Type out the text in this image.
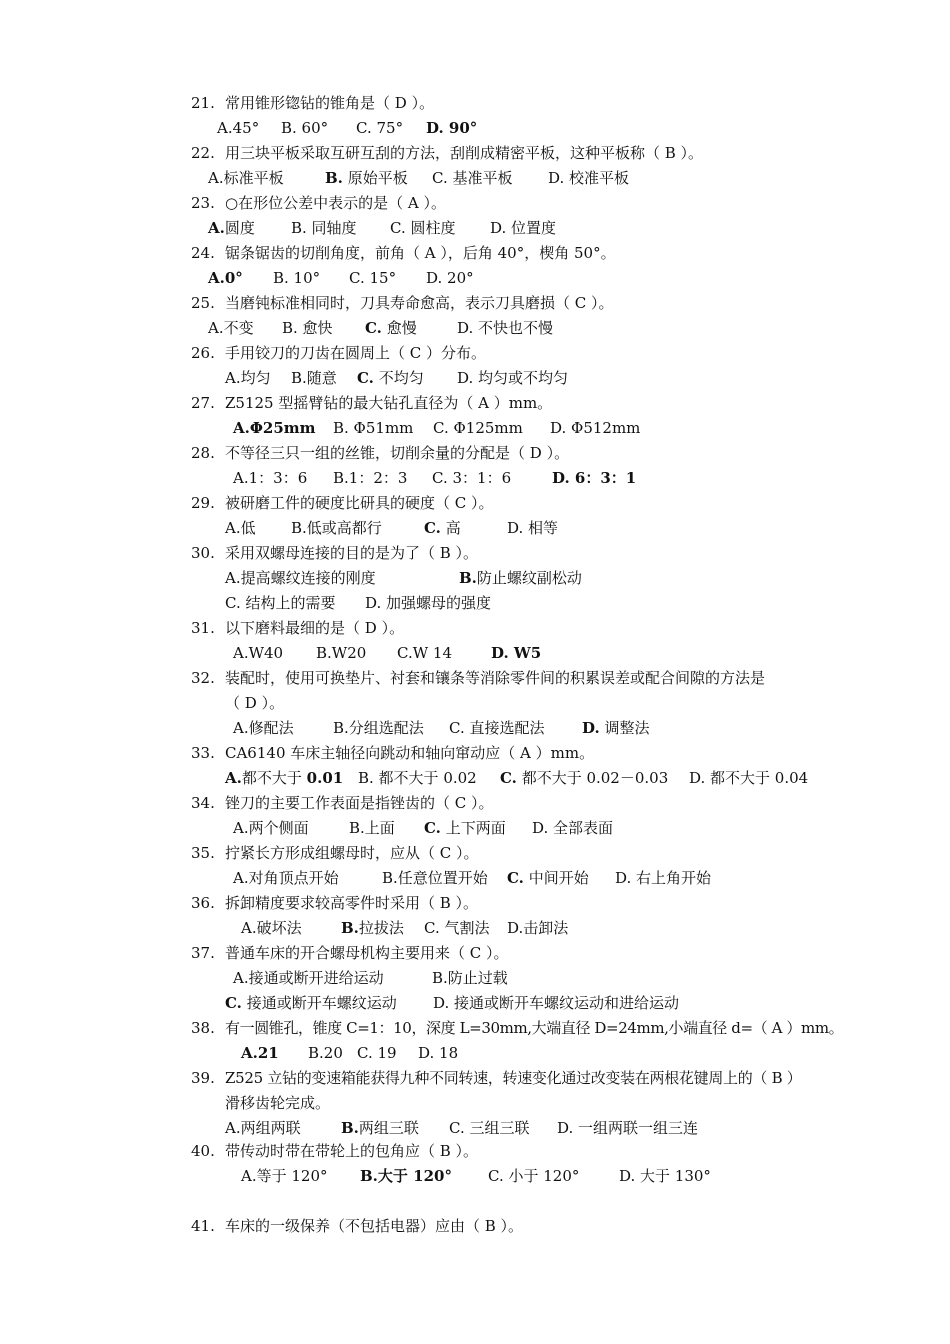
21. 常用锥形锪钻的锥角是（ D ）。
A.45° B. 60° C. 75° D. 90°
22. 用三块平板采取互研互刮的方法，刮削成精密平板，这种平板称（ B ）。
A.标准平板	B. 原始平板 C. 基准平板 D. 校准平板
23. ○在形位公差中表示的是（ A ）。
A.圆度 B. 同轴度 C. 圆柱度 D. 位置度
24. 锯条锯齿的切削角度，前角（ A ），后角 40°，楔角 50°。
A.0° B. 10° C. 15° D. 20°
25. 当磨钝标准相同时，刀具寿命愈高，表示刀具磨损（ C ）。
A.不变 B. 愈快 C. 愈慢	D. 不快也不慢
26. 手用铰刀的刀齿在圆周上（ C ）分布。
A.均匀 B.随意 C. 不均匀 D. 均匀或不均匀
27. Z5125 型摇臂钻的最大钻孔直径为（ A ）mm。
A.Φ25mm B. Φ51mm C. Φ125mm D. Φ512mm
28. 不等径三只一组的丝锥，切削余量的分配是（ D ）。
A.1：3：6 B.1：2：3 C. 3：1：6	D. 6：3：1
29. 被研磨工件的硬度比研具的硬度（ C ）。
A.低 B.低或高都行	C. 高	D. 相等
30. 采用双螺母连接的目的是为了（ B ）。
A.提高螺纹连接的刚度	B.防止螺纹副松动
C. 结构上的需要 D. 加强螺母的强度
31. 以下磨料最细的是（ D ）。
A.W40 B.W20 C.W 14	D. W5
32. 装配时，使用可换垫片、衬套和镶条等消除零件间的积累误差或配合间隙的方法是
（ D ）。
A.修配法	B.分组选配法 C. 直接选配法	D. 调整法
33. CA6140 车床主轴径向跳动和轴向窜动应（ A ）mm。
A.都不大于 0.01 B. 都不大于 0.02 C. 都不大于 0.02－0.03 D. 都不大于 0.04
34. 锉刀的主要工作表面是指锉齿的（ C ）。
A.两个侧面	B.上面 C. 上下两面 D. 全部表面
35. 拧紧长方形成组螺母时，应从（ C ）。
A.对角顶点开始	B.任意位置开始 C. 中间开始 D. 右上角开始
36. 拆卸精度要求较高零件时采用（ B ）。
A.破坏法	B.拉拔法 C. 气割法 D.击卸法
37. 普通车床的开合螺母机构主要用来（ C ）。
A.接通或断开进给运动	B.防止过载
C. 接通或断开车螺纹运动 D. 接通或断开车螺纹运动和进给运动
38. 有一圆锥孔，锥度 C=1：10，深度 L=30mm,大端直径 D=24mm,小端直径 d=（ A ）mm。
A.21 B.20 C. 19 D. 18
39. Z525 立钻的变速箱能获得九种不同转速，转速变化通过改变装在两根花键周上的（ B ）
滑移齿轮完成。
A.两组两联	B.两组三联 C. 三组三联 D. 一组两联一组三连
40. 带传动时带在带轮上的包角应（ B ）。
A.等于 120° B.大于 120° C. 小于 120°	D. 大于 130°
41. 车床的一级保养（不包括电器）应由（ B ）。
